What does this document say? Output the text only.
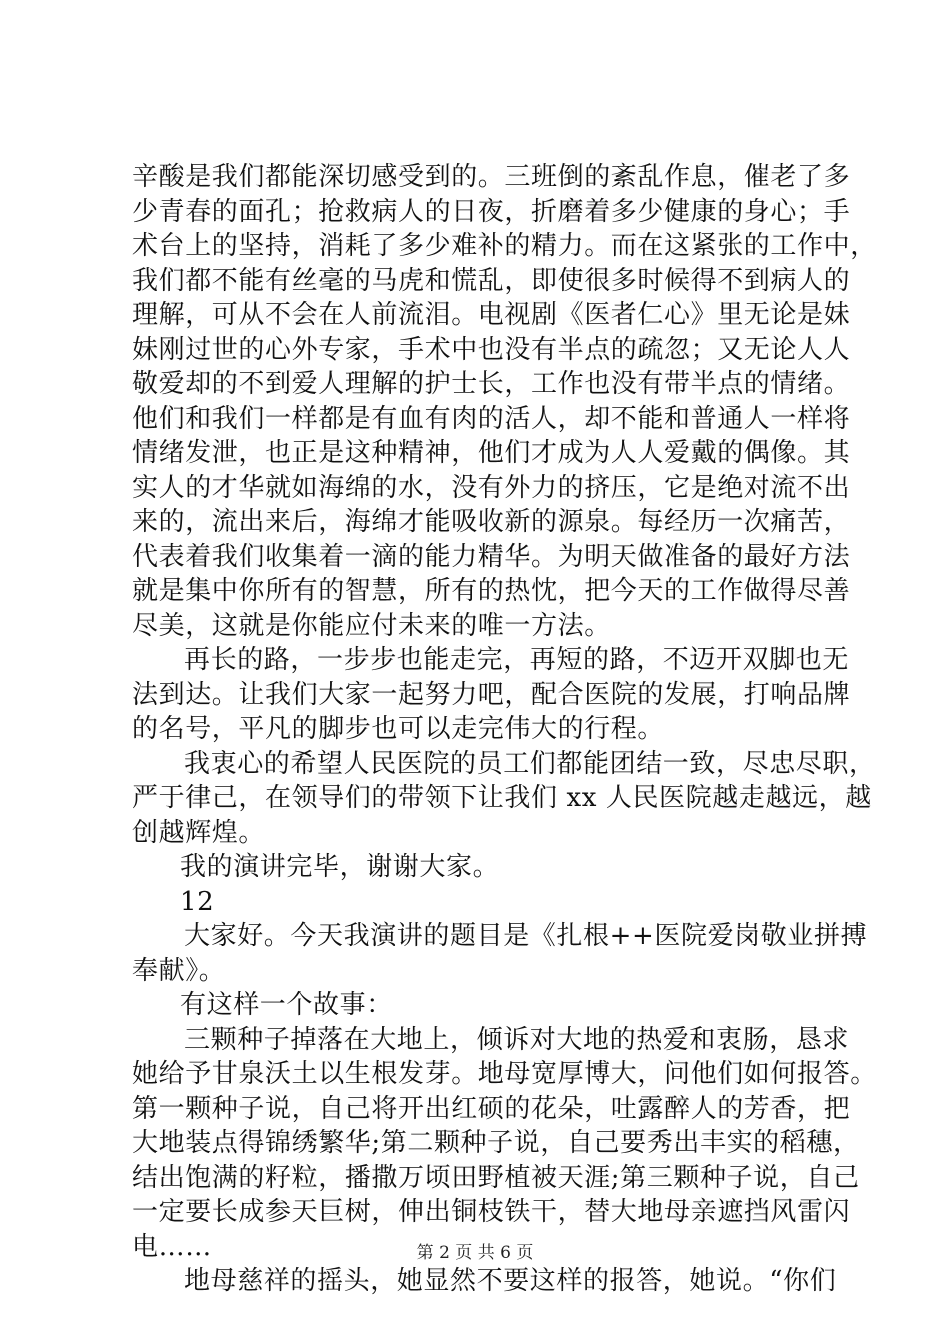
辛酸是我们都能深切感受到的。三班倒的紊乱作息，催老了多
少青春的面孔；抢救病人的日夜，折磨着多少健康的身心；手
术台上的坚持，消耗了多少难补的精力。而在这紧张的工作中，
我们都不能有丝毫的马虎和慌乱，即使很多时候得不到病人的
理解，可从不会在人前流泪。电视剧《医者仁心》里无论是妹
妹刚过世的心外专家，手术中也没有半点的疏忽；又无论人人
敬爱却的不到爱人理解的护士长，工作也没有带半点的情绪。
他们和我们一样都是有血有肉的活人，却不能和普通人一样将
情绪发泄，也正是这种精神，他们才成为人人爱戴的偶像。其
实人的才华就如海绵的水，没有外力的挤压，它是绝对流不出
来的，流出来后，海绵才能吸收新的源泉。每经历一次痛苦，
代表着我们收集着一滴的能力精华。为明天做准备的最好方法
就是集中你所有的智慧，所有的热忱，把今天的工作做得尽善
尽美，这就是你能应付未来的唯一方法。
再长的路，一步步也能走完，再短的路，不迈开双脚也无
法到达。让我们大家一起努力吧，配合医院的发展，打响品牌
的名号，平凡的脚步也可以走完伟大的行程。
我衷心的希望人民医院的员工们都能团结一致，尽忠尽职，
严于律己，在领导们的带领下让我们 xx 人民医院越走越远，越
创越辉煌。
我的演讲完毕，谢谢大家。
12
大家好。今天我演讲的题目是《扎根++医院爱岗敬业拼搏
奉献》。
有这样一个故事：
三颗种子掉落在大地上，倾诉对大地的热爱和衷肠，恳求
她给予甘泉沃土以生根发芽。地母宽厚博大，问他们如何报答。
第一颗种子说，自己将开出红硕的花朵，吐露醉人的芳香，把
大地装点得锦绣繁华;第二颗种子说，自己要秀出丰实的稻穗，
结出饱满的籽粒，播撒万顷田野植被天涯;第三颗种子说，自己
一定要长成参天巨树，伸出铜枝铁干，替大地母亲遮挡风雷闪
电……
地母慈祥的摇头，她显然不要这样的报答，她说。“你们
第 2 页 共 6 页
